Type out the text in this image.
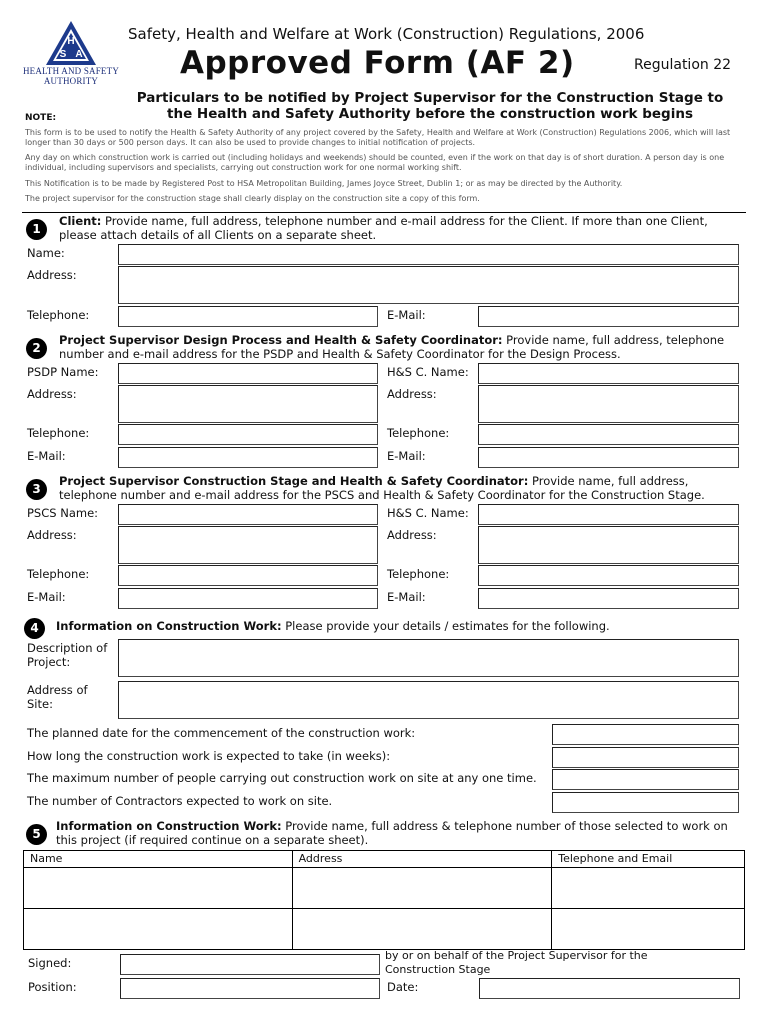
H
S A
HEALTH AND SAFETY
AUTHORITY
Safety, Health and Welfare at Work (Construction) Regulations, 2006
Approved Form (AF 2)	Regulation 22
Particulars to be notified by Project Supervisor for the Construction Stage to
the Health and Safety Authority before the construction work begins
NOTE:
This form is to be used to notify the Health & Safety Authority of any project covered by the Safety, Health and Welfare at Work (Construction) Regulations 2006, which will last longer than 30 days or 500 person days. It can also be used to provide changes to initial notification of projects.
Any day on which construction work is carried out (including holidays and weekends) should be counted, even if the work on that day is of short duration. A person day is one individual, including supervisors and specialists, carrying out construction work for one normal working shift.
This Notification is to be made by Registered Post to HSA Metropolitan Building, James Joyce Street, Dublin 1; or as may be directed by the Authority.
The project supervisor for the construction stage shall clearly display on the construction site a copy of this form.
1
Client: Provide name, full address, telephone number and e-mail address for the Client. If more than one Client, please attach details of all Clients on a separate sheet.
Name:
Address:
Telephone:	E-Mail:
2
Project Supervisor Design Process and Health & Safety Coordinator: Provide name, full address, telephone number and e-mail address for the PSDP and Health & Safety Coordinator for the Design Process.
PSDP Name:	H&S C. Name:
Address:	Address:
Telephone:	Telephone:
E-Mail:	E-Mail:
3
Project Supervisor Construction Stage and Health & Safety Coordinator: Provide name, full address, telephone number and e-mail address for the PSCS and Health & Safety Coordinator for the Construction Stage.
PSCS Name:	H&S C. Name:
Address:	Address:
Telephone:	Telephone:
E-Mail:	E-Mail:
4	Information on Construction Work: Please provide your details / estimates for the following.
Description of
Project:
Address of
Site:
The planned date for the commencement of the construction work:
How long the construction work is expected to take (in weeks):
The maximum number of people carrying out construction work on site at any one time.
The number of Contractors expected to work on site.
5
Information on Construction Work: Provide name, full address & telephone number of those selected to work on this project (if required continue on a separate sheet).
Name	Address	Telephone and Email

Signed:
by or on behalf of the Project Supervisor for the
Construction Stage
Position:	Date:
